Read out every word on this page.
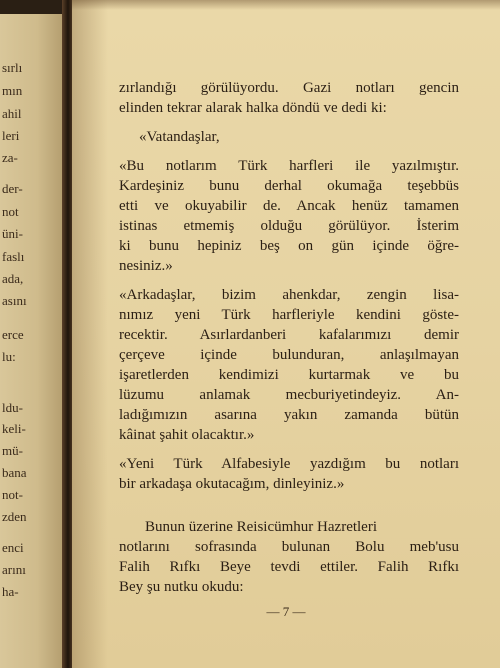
sırlı
mın
ahil
leri
za-
der-
not
üni-
faslı
ada,
asını
erce
lu:
ldu-
keli-
mü-
bana
not-
zden
enci
arını
ha-
zırlandığı görülüyordu. Gazi notları gencin
elinden tekrar alarak halka döndü ve dedi ki:
«Vatandaşlar,
«Bu notlarım Türk harfleri ile yazılmıştır.
Kardeşiniz bunu derhal okumağa teşebbüs
etti ve okuyabilir de. Ancak henüz tamamen
istinas etmemiş olduğu görülüyor. İsterim
ki bunu hepiniz beş on gün içinde öğre-
nesiniz.»
«Arkadaşlar, bizim ahenkdar, zengin lisa-
nımız yeni Türk harfleriyle kendini göste-
recektir. Asırlardanberi kafalarımızı demir
çerçeve içinde bulunduran, anlaşılmayan
işaretlerden kendimizi kurtarmak ve bu
lüzumu anlamak mecburiyetindeyiz. An-
ladığımızın asarına yakın zamanda bütün
kâinat şahit olacaktır.»
«Yeni Türk Alfabesiyle yazdığım bu notları
bir arkadaşa okutacağım, dinleyiniz.»
Bunun üzerine Reisicümhur Hazretleri
notlarını sofrasında bulunan Bolu meb'usu
Falih Rıfkı Beye tevdi ettiler. Falih Rıfkı
Bey şu nutku okudu:
— 7 —
